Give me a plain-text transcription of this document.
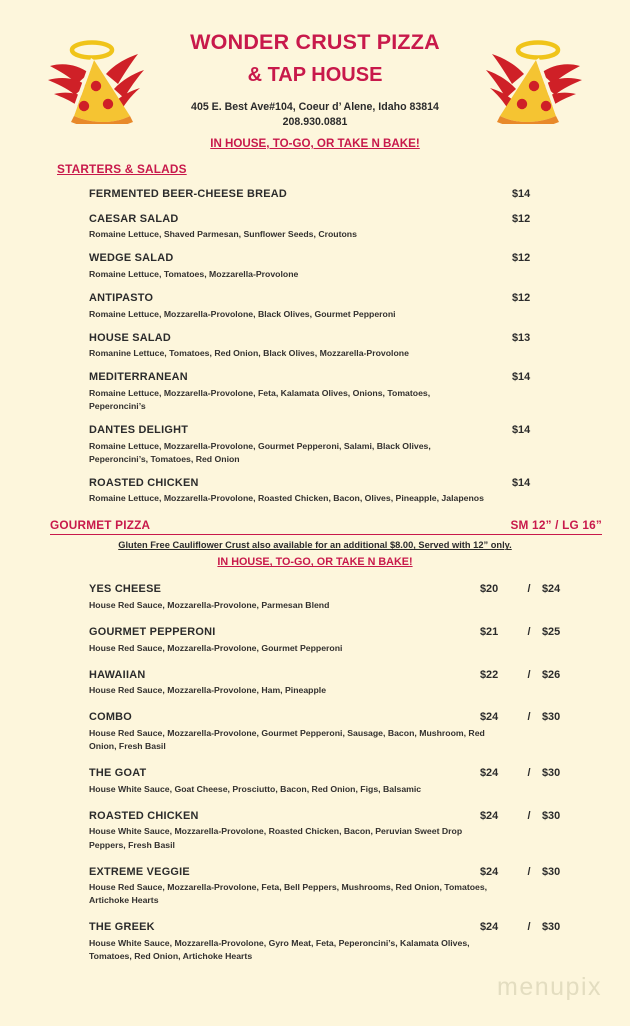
WONDER CRUST PIZZA
& TAP HOUSE
405 E. Best Ave#104, Coeur d’ Alene, Idaho 83814
208.930.0881
IN HOUSE, TO-GO, OR TAKE N BAKE!
STARTERS & SALADS
FERMENTED BEER-CHEESE BREAD	$14
CAESAR SALAD
Romaine Lettuce, Shaved Parmesan, Sunflower Seeds, Croutons
$12
WEDGE SALAD
Romaine Lettuce, Tomatoes, Mozzarella-Provolone
$12
ANTIPASTO
Romaine Lettuce, Mozzarella-Provolone, Black Olives, Gourmet Pepperoni
$12
HOUSE SALAD
Romanine Lettuce, Tomatoes, Red Onion, Black Olives, Mozzarella-Provolone
$13
MEDITERRANEAN
Romaine Lettuce, Mozzarella-Provolone, Feta, Kalamata Olives, Onions, Tomatoes, Peperoncini’s
$14
DANTES DELIGHT
Romaine Lettuce, Mozzarella-Provolone, Gourmet Pepperoni, Salami, Black Olives, Peperoncini’s, Tomatoes, Red Onion
$14
ROASTED CHICKEN
Romaine Lettuce, Mozzarella-Provolone, Roasted Chicken, Bacon, Olives, Pineapple, Jalapenos
$14
GOURMET PIZZA	SM 12” / LG 16”
Gluten Free Cauliflower Crust also available for an additional $8.00, Served with 12” only.
IN HOUSE, TO-GO, OR TAKE N BAKE!
YES CHEESE
House Red Sauce, Mozzarella-Provolone, Parmesan Blend
$20	/ $24
GOURMET PEPPERONI
House Red Sauce, Mozzarella-Provolone, Gourmet Pepperoni
$21	/ $25
HAWAIIAN
House Red Sauce, Mozzarella-Provolone, Ham, Pineapple
$22	/ $26
COMBO
House Red Sauce, Mozzarella-Provolone, Gourmet Pepperoni, Sausage, Bacon, Mushroom, Red Onion, Fresh Basil
$24	/ $30
THE GOAT
House White Sauce, Goat Cheese, Prosciutto, Bacon, Red Onion, Figs, Balsamic
$24	/ $30
ROASTED CHICKEN
House White Sauce, Mozzarella-Provolone, Roasted Chicken, Bacon, Peruvian Sweet Drop Peppers, Fresh Basil
$24	/ $30
EXTREME VEGGIE
House Red Sauce, Mozzarella-Provolone, Feta, Bell Peppers, Mushrooms, Red Onion, Tomatoes, Artichoke Hearts
$24	/ $30
THE GREEK
House White Sauce, Mozzarella-Provolone, Gyro Meat, Feta, Peperoncini’s, Kalamata Olives, Tomatoes, Red Onion, Artichoke Hearts
$24	/ $30
menupix
